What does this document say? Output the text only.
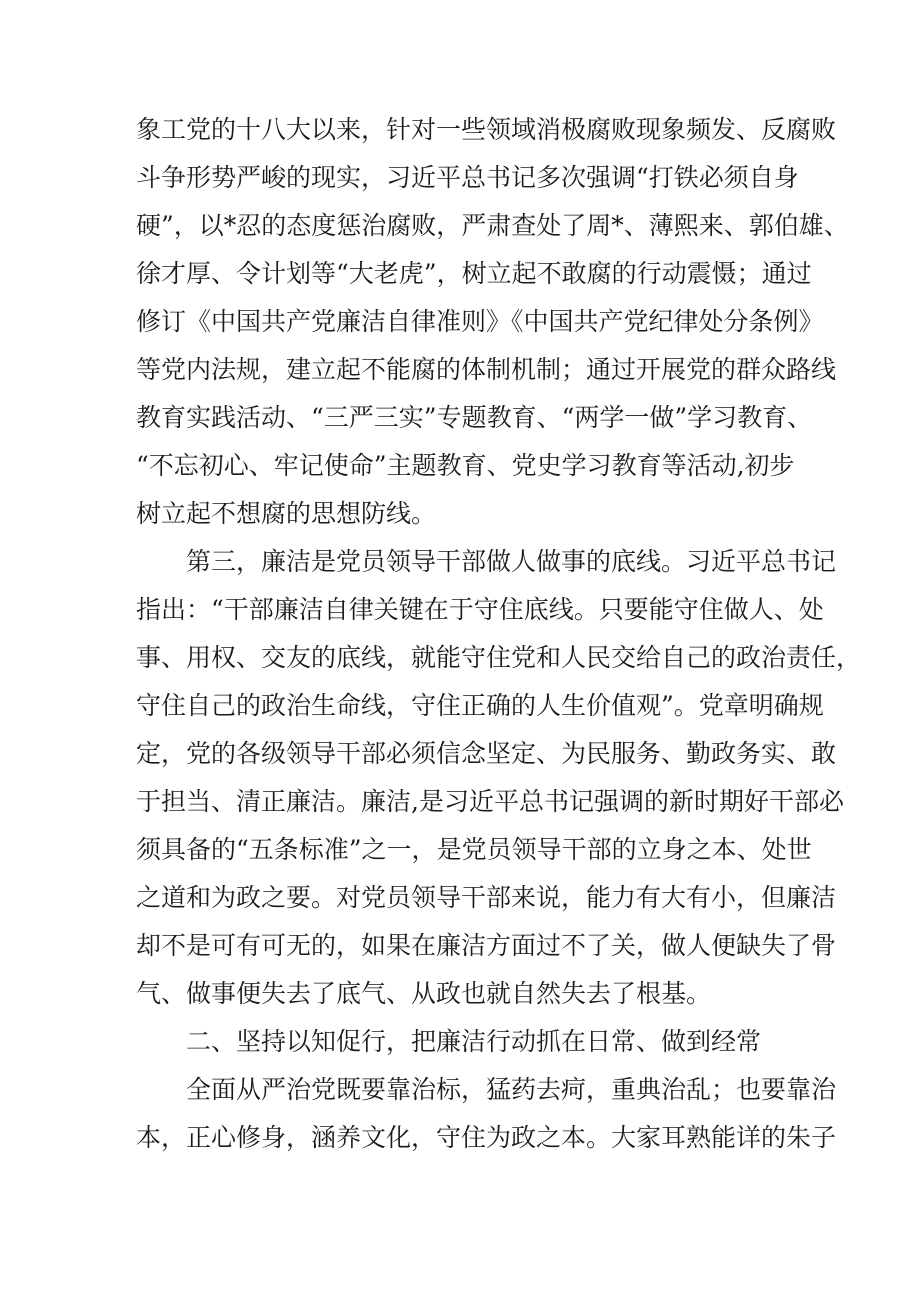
象工党的十八大以来，针对一些领域消极腐败现象频发、反腐败
斗争形势严峻的现实，习近平总书记多次强调“打铁必须自身
硬”，以*忍的态度惩治腐败，严肃查处了周*、薄熙来、郭伯雄、
徐才厚、令计划等“大老虎”，树立起不敢腐的行动震慑；通过
修订《中国共产党廉洁自律准则》《中国共产党纪律处分条例》
等党内法规，建立起不能腐的体制机制；通过开展党的群众路线
教育实践活动、“三严三实”专题教育、“两学一做”学习教育、
“不忘初心、牢记使命”主题教育、党史学习教育等活动,初步
树立起不想腐的思想防线。
第三，廉洁是党员领导干部做人做事的底线。习近平总书记
指出：“干部廉洁自律关键在于守住底线。只要能守住做人、处
事、用权、交友的底线，就能守住党和人民交给自己的政治责任，
守住自己的政治生命线，守住正确的人生价值观”。党章明确规
定，党的各级领导干部必须信念坚定、为民服务、勤政务实、敢
于担当、清正廉洁。廉洁,是习近平总书记强调的新时期好干部必
须具备的“五条标准”之一，是党员领导干部的立身之本、处世
之道和为政之要。对党员领导干部来说，能力有大有小，但廉洁
却不是可有可无的，如果在廉洁方面过不了关，做人便缺失了骨
气、做事便失去了底气、从政也就自然失去了根基。
二、坚持以知促行，把廉洁行动抓在日常、做到经常
全面从严治党既要靠治标，猛药去疴，重典治乱；也要靠治
本，正心修身，涵养文化，守住为政之本。大家耳熟能详的朱子
